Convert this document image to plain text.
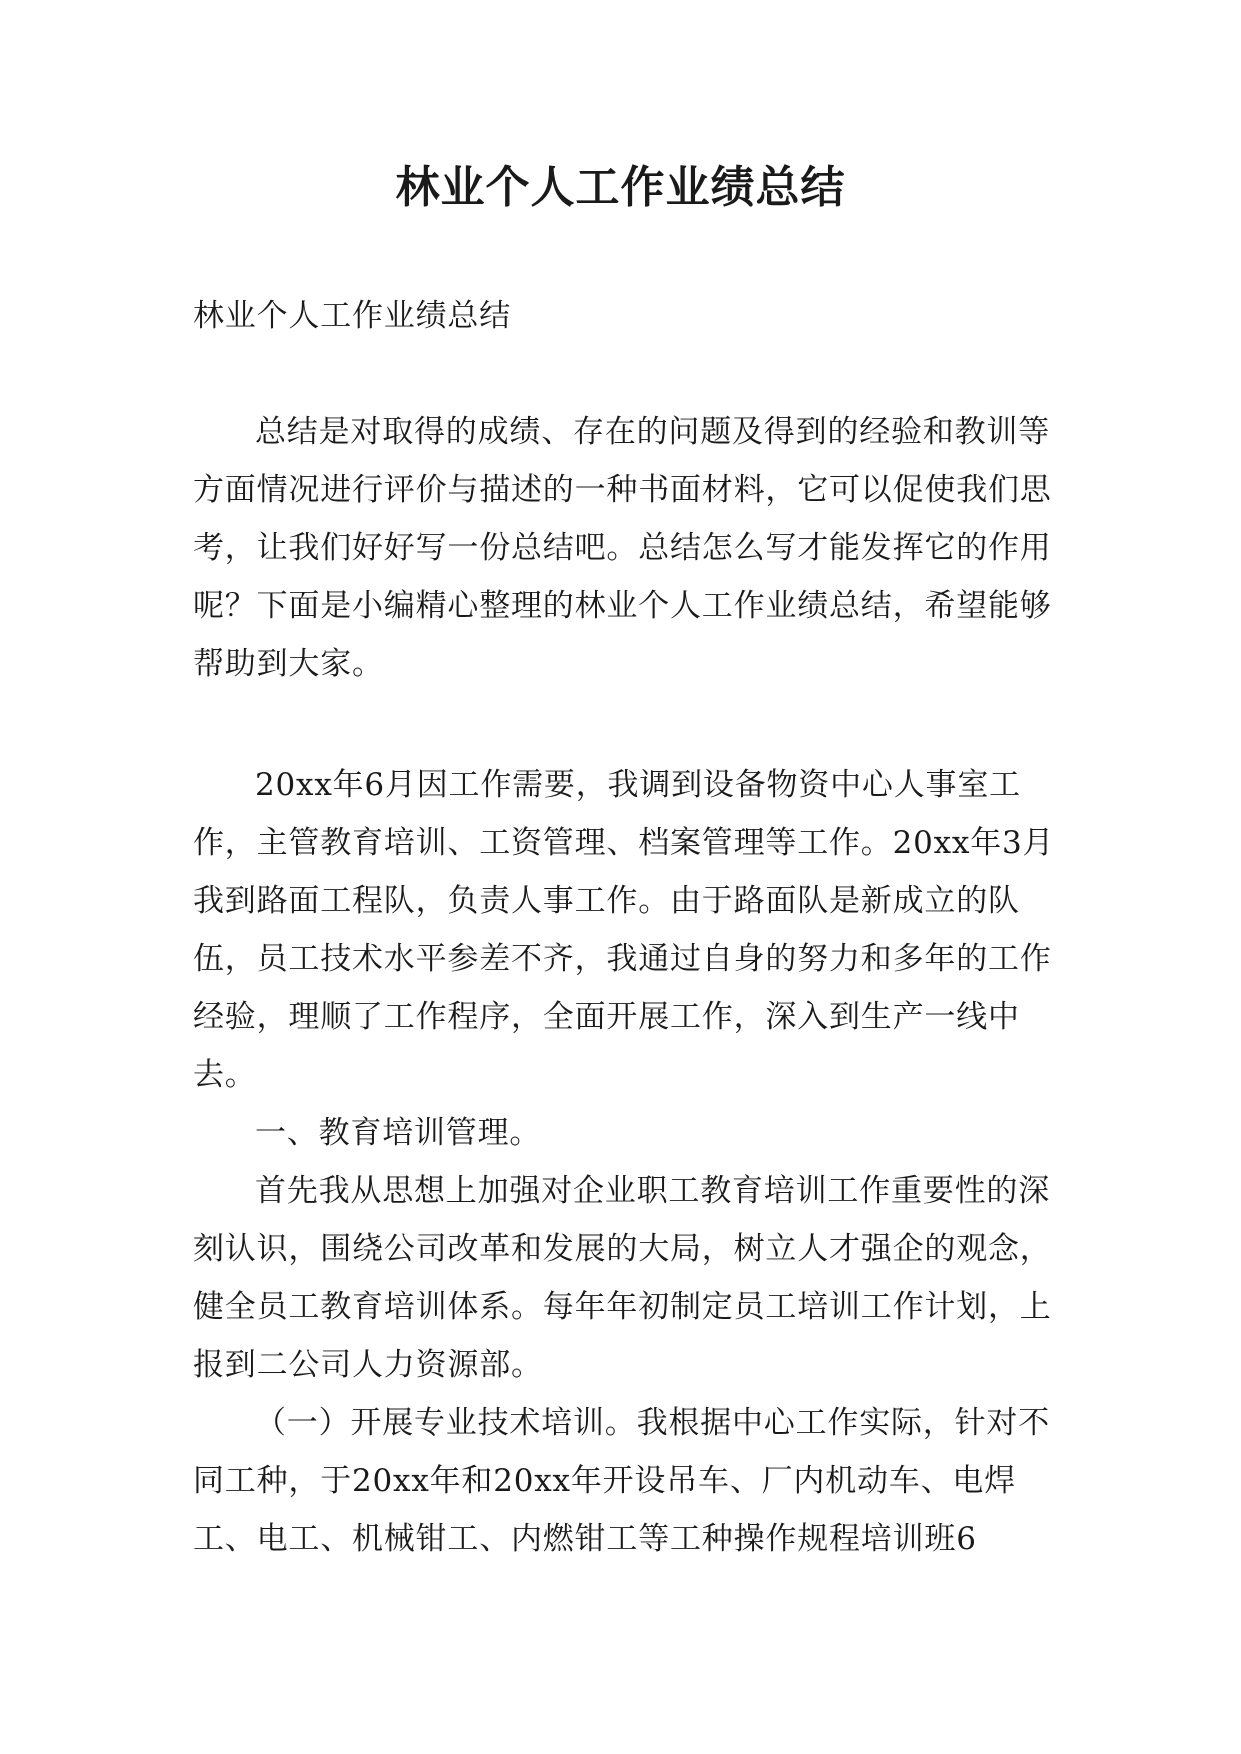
林业个人工作业绩总结

林业个人工作业绩总结

总结是对取得的成绩、存在的问题及得到的经验和教训等方面情况进行评价与描述的一种书面材料，它可以促使我们思考，让我们好好写一份总结吧。总结怎么写才能发挥它的作用呢？下面是小编精心整理的林业个人工作业绩总结，希望能够帮助到大家。

20xx年6月因工作需要，我调到设备物资中心人事室工作，主管教育培训、工资管理、档案管理等工作。20xx年3月我到路面工程队，负责人事工作。由于路面队是新成立的队伍，员工技术水平参差不齐，我通过自身的努力和多年的工作经验，理顺了工作程序，全面开展工作，深入到生产一线中去。

一、教育培训管理。

首先我从思想上加强对企业职工教育培训工作重要性的深刻认识，围绕公司改革和发展的大局，树立人才强企的观念，健全员工教育培训体系。每年年初制定员工培训工作计划，上报到二公司人力资源部。

（一）开展专业技术培训。我根据中心工作实际，针对不同工种，于20xx年和20xx年开设吊车、厂内机动车、电焊工、电工、机械钳工、内燃钳工等工种操作规程培训班6
